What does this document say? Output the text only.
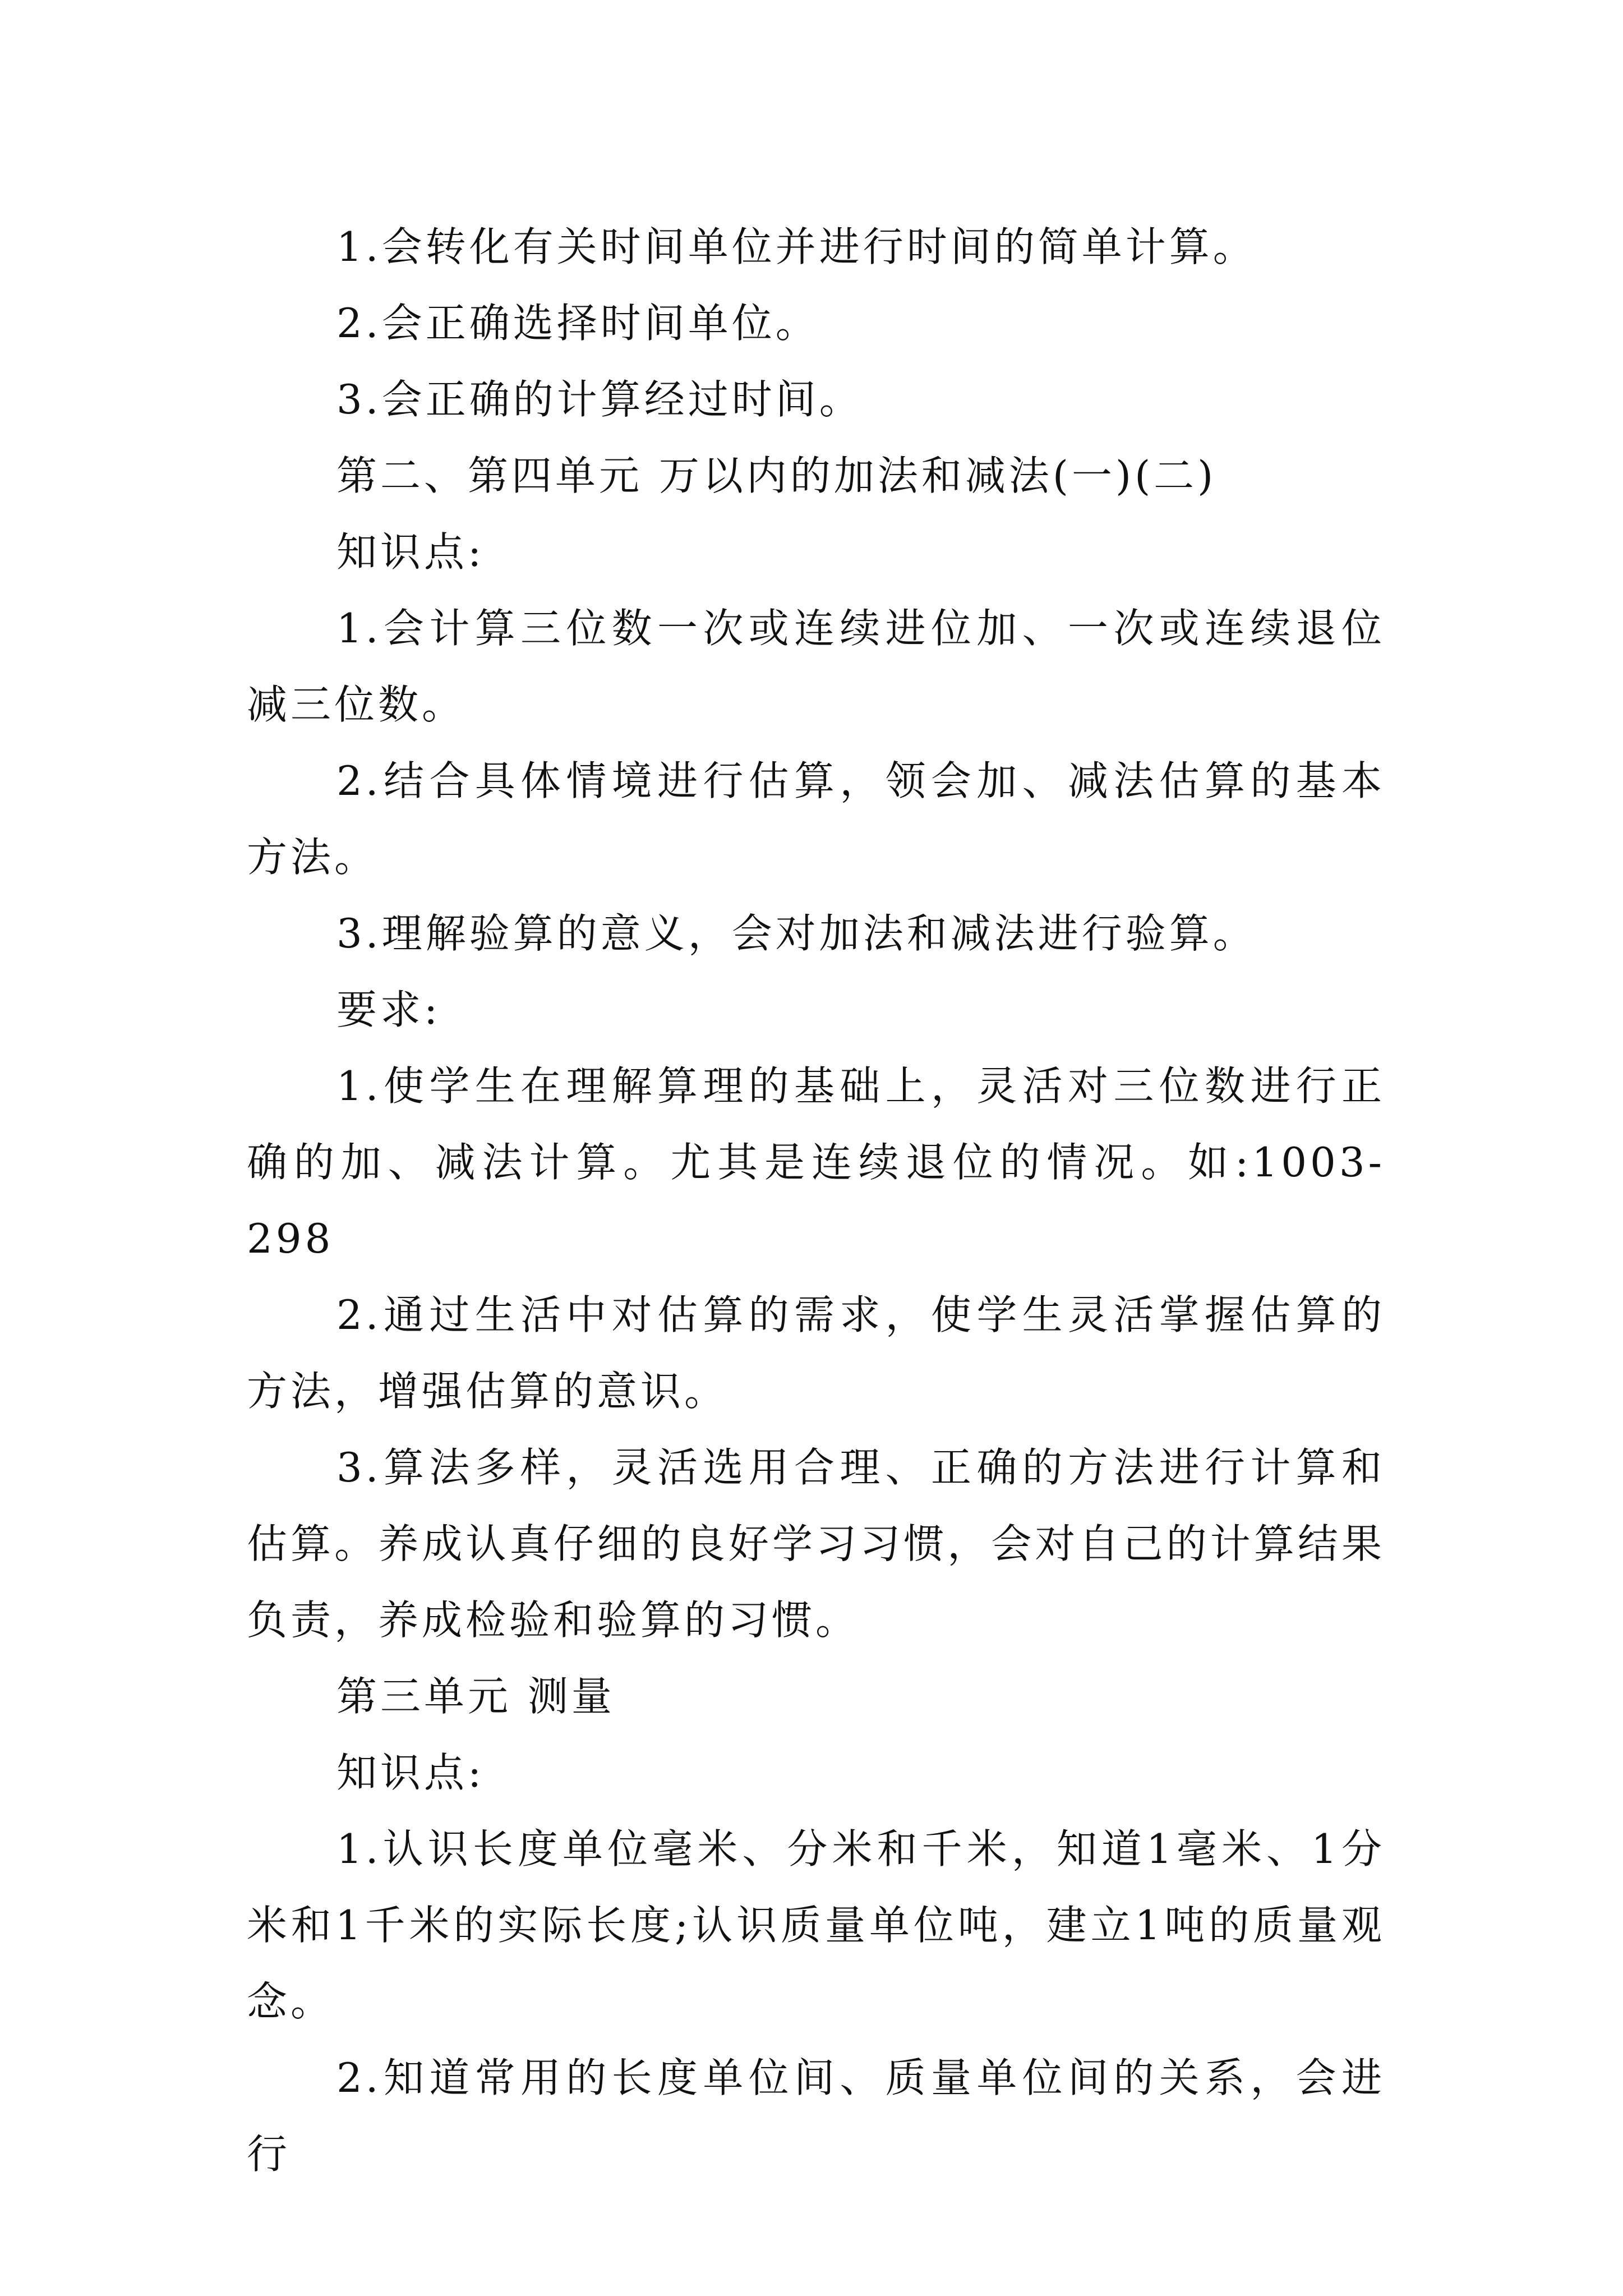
1.会转化有关时间单位并进行时间的简单计算。

2.会正确选择时间单位。

3.会正确的计算经过时间。

第二、第四单元 万以内的加法和减法(一)(二)

知识点:

1.会计算三位数一次或连续进位加、一次或连续退位减三位数。

2.结合具体情境进行估算，领会加、减法估算的基本方法。

3.理解验算的意义，会对加法和减法进行验算。

要求:

1.使学生在理解算理的基础上，灵活对三位数进行正确的加、减法计算。尤其是连续退位的情况。如:1003-298

2.通过生活中对估算的需求，使学生灵活掌握估算的方法，增强估算的意识。

3.算法多样，灵活选用合理、正确的方法进行计算和估算。养成认真仔细的良好学习习惯，会对自己的计算结果负责，养成检验和验算的习惯。

第三单元 测量

知识点:

1.认识长度单位毫米、分米和千米，知道1毫米、1分米和1千米的实际长度;认识质量单位吨，建立1吨的质量观念。

2.知道常用的长度单位间、质量单位间的关系，会进行
